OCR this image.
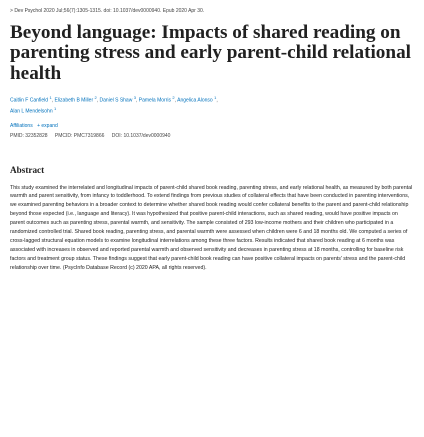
> Dev Psychol 2020 Jul;56(7):1305-1315. doi: 10.1037/dev0000940. Epub 2020 Apr 30.
Beyond language: Impacts of shared reading on parenting stress and early parent-child relational health
Caitlin F Canfield $^1$, Elizabeth B Miller $^2$, Daniel S Shaw $^3$, Pamela Morris $^2$, Angelica Alonso $^1$,
Alan L Mendelsohn $^1$
Affiliations + expand
PMID: 32352828 PMCID: PMC7319866 DOI: 10.1037/dev0000940
Abstract

This study examined the interrelated and longitudinal impacts of parent-child shared book reading, parenting stress, and early relational health, as measured by both parental warmth and parent sensitivity, from infancy to toddlerhood. To extend findings from previous studies of collateral effects that have been conducted in parenting interventions, we examined parenting behaviors in a broader context to determine whether shared book reading would confer collateral benefits to the parent and parent-child relationship beyond those expected (i.e., language and literacy). It was hypothesized that positive parent-child interactions, such as shared reading, would have positive impacts on parent outcomes such as parenting stress, parental warmth, and sensitivity. The sample consisted of 293 low-income mothers and their children who participated in a randomized controlled trial. Shared book reading, parenting stress, and parental warmth were assessed when children were 6 and 18 months old. We computed a series of cross-lagged structural equation models to examine longitudinal interrelations among these three factors. Results indicated that shared book reading at 6 months was associated with increases in observed and reported parental warmth and observed sensitivity and decreases in parenting stress at 18 months, controlling for baseline risk factors and treatment group status. These findings suggest that early parent-child book reading can have positive collateral impacts on parents' stress and the parent-child relationship over time. (PsycInfo Database Record (c) 2020 APA, all rights reserved).
